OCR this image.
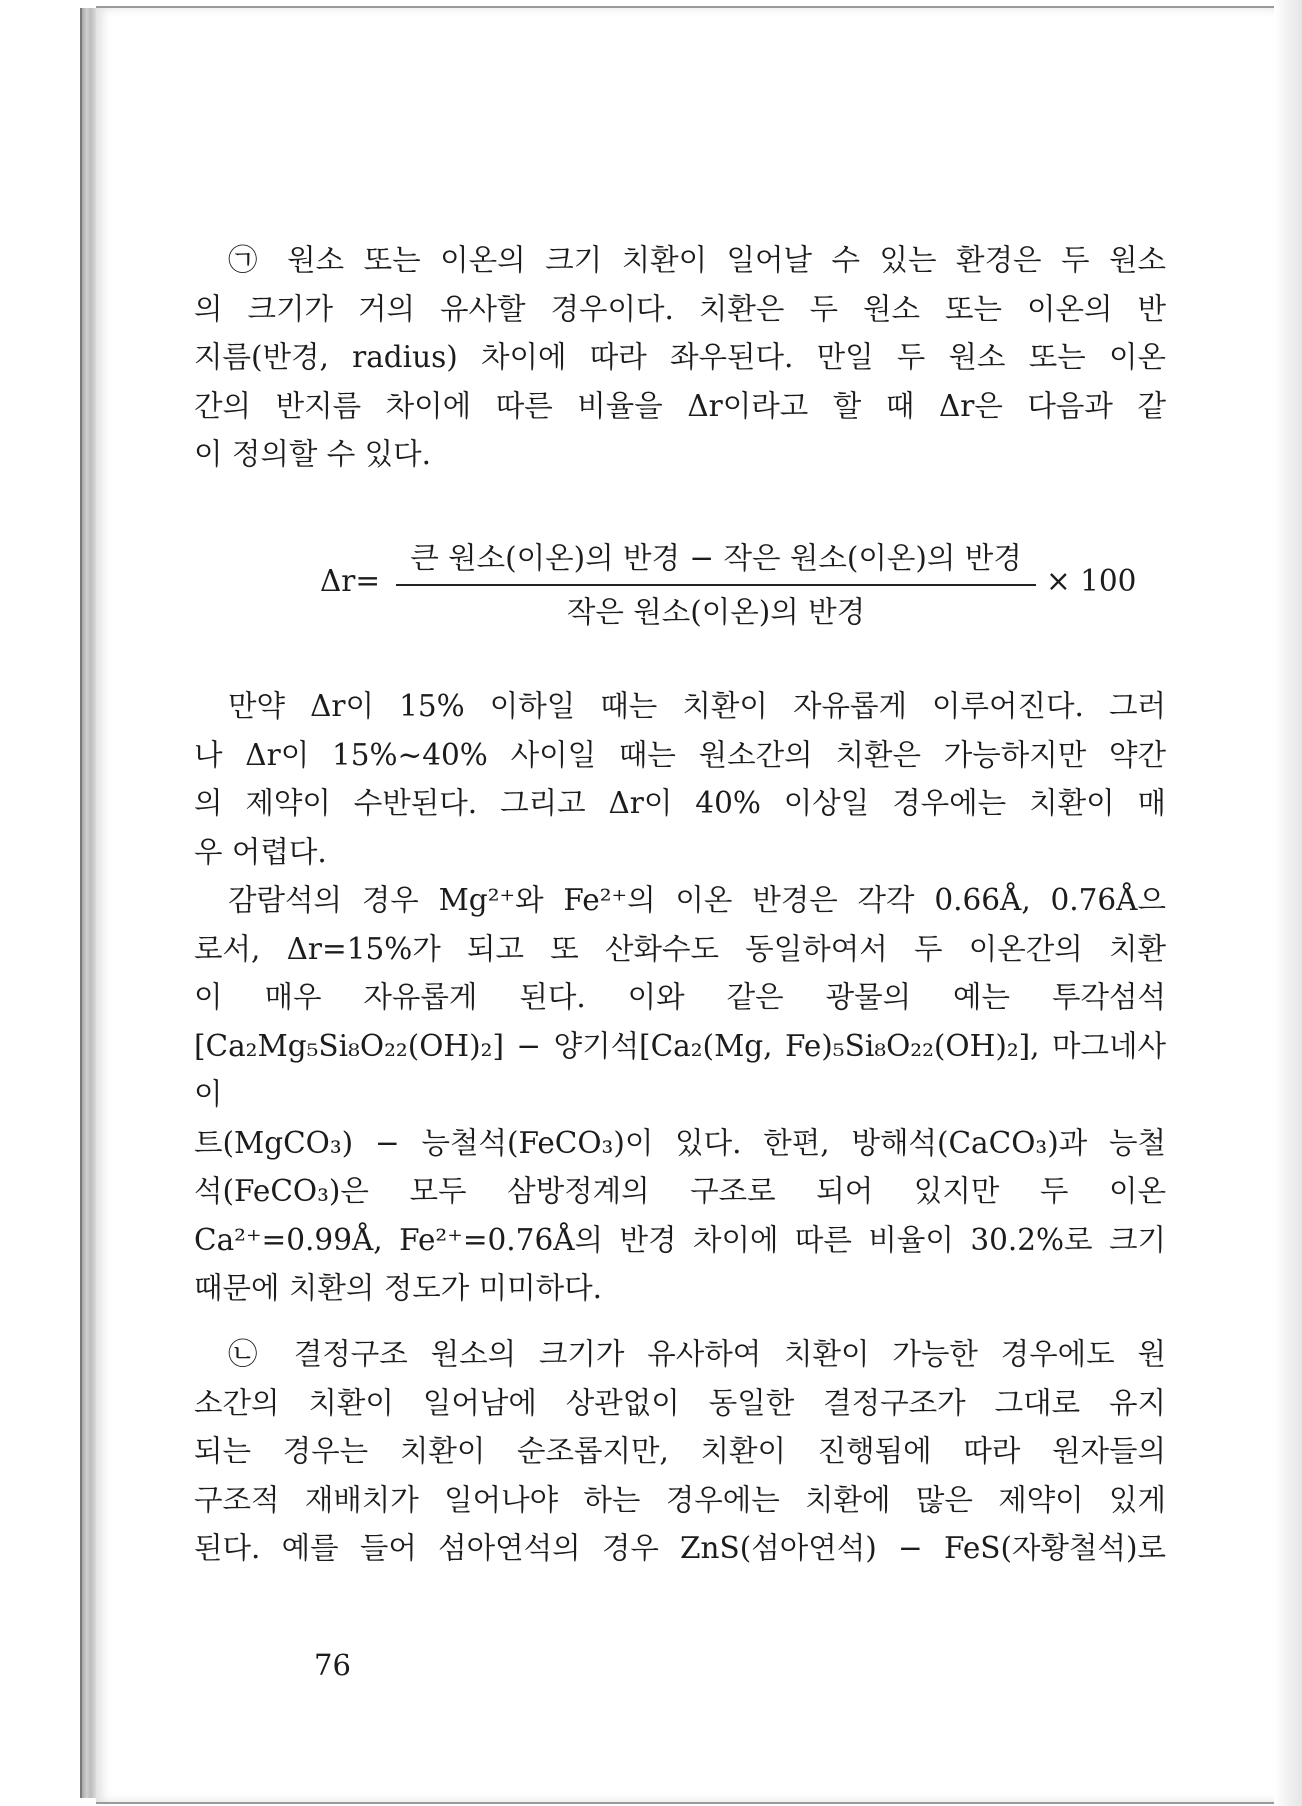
㉠ 원소 또는 이온의 크기 치환이 일어날 수 있는 환경은 두 원소
의 크기가 거의 유사할 경우이다. 치환은 두 원소 또는 이온의 반
지름(반경, radius) 차이에 따라 좌우된다. 만일 두 원소 또는 이온
간의 반지름 차이에 따른 비율을 Δr이라고 할 때 Δr은 다음과 같
이 정의할 수 있다.

Δr=
큰 원소(이온)의 반경 − 작은 원소(이온)의 반경
작은 원소(이온)의 반경
× 100

만약 Δr이 15% 이하일 때는 치환이 자유롭게 이루어진다. 그러
나 Δr이 15%∼40% 사이일 때는 원소간의 치환은 가능하지만 약간
의 제약이 수반된다. 그리고 Δr이 40% 이상일 경우에는 치환이 매
우 어렵다.

감람석의 경우 Mg²⁺와 Fe²⁺의 이온 반경은 각각 0.66Å, 0.76Å으
로서, Δr=15%가 되고 또 산화수도 동일하여서 두 이온간의 치환
이 매우 자유롭게 된다. 이와 같은 광물의 예는 투각섬석
[Ca₂Mg₅Si₈O₂₂(OH)₂] − 양기석[Ca₂(Mg, Fe)₅Si₈O₂₂(OH)₂], 마그네사이
트(MgCO₃) − 능철석(FeCO₃)이 있다. 한편, 방해석(CaCO₃)과 능철
석(FeCO₃)은 모두 삼방정계의 구조로 되어 있지만 두 이온
Ca²⁺=0.99Å, Fe²⁺=0.76Å의 반경 차이에 따른 비율이 30.2%로 크기
때문에 치환의 정도가 미미하다.

㉡ 결정구조 원소의 크기가 유사하여 치환이 가능한 경우에도 원
소간의 치환이 일어남에 상관없이 동일한 결정구조가 그대로 유지
되는 경우는 치환이 순조롭지만, 치환이 진행됨에 따라 원자들의
구조적 재배치가 일어나야 하는 경우에는 치환에 많은 제약이 있게
된다. 예를 들어 섬아연석의 경우 ZnS(섬아연석) − FeS(자황철석)로

76
